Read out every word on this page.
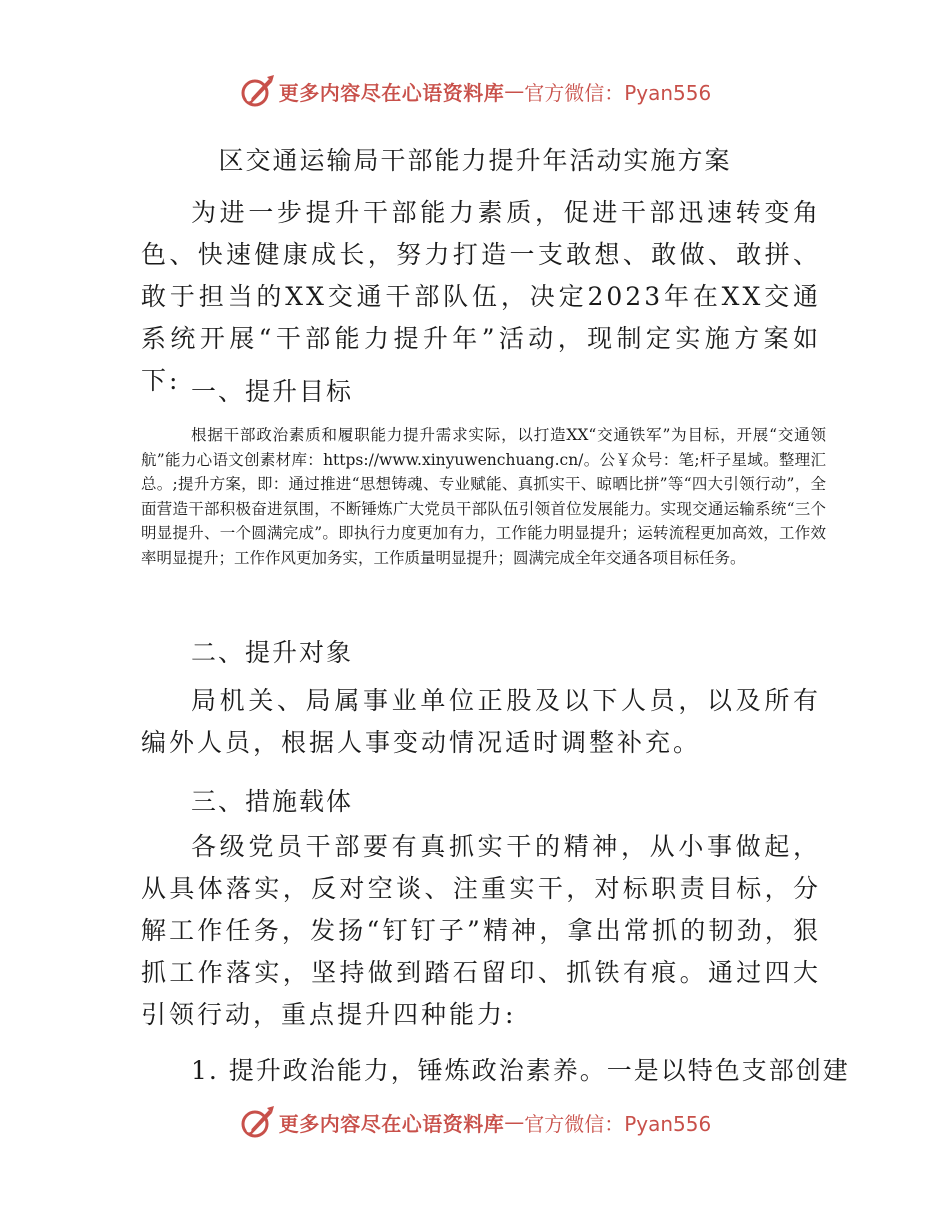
更多内容尽在心语资料库 — 官方微信：Pyan556
区交通运输局干部能力提升年活动实施方案

为进一步提升干部能力素质，促进干部迅速转变角色、快速健康成长，努力打造一支敢想、敢做、敢拼、敢于担当的XX交通干部队伍，决定2023年在XX交通系统开展“干部能力提升年”活动，现制定实施方案如下: 一、提升目标

根据干部政治素质和履职能力提升需求实际，以打造XX“交通铁军”为目标，开展“交通领航”能力心语文创素材库：https://www.xinyuwenchuang.cn/。公￥众号：笔;杆子星域。整理汇总。;提升方案，即：通过推进“思想铸魂、专业赋能、真抓实干、晾晒比拼”等“四大引领行动”，全面营造干部积极奋进氛围，不断锤炼广大党员干部队伍引领首位发展能力。实现交通运输系统“三个明显提升、一个圆满完成”。即执行力度更加有力，工作能力明显提升；运转流程更加高效，工作效率明显提升；工作作风更加务实，工作质量明显提升；圆满完成全年交通各项目标任务。

二、提升对象

局机关、局属事业单位正股及以下人员，以及所有编外人员，根据人事变动情况适时调整补充。

三、措施载体

各级党员干部要有真抓实干的精神，从小事做起，从具体落实，反对空谈、注重实干，对标职责目标，分解工作任务，发扬“钉钉子”精神，拿出常抓的韧劲，狠抓工作落实，坚持做到踏石留印、抓铁有痕。通过四大引领行动，重点提升四种能力:

1. 提升政治能力，锤炼政治素养。一是以特色支部创建

更多内容尽在心语资料库 — 官方微信：Pyan556
